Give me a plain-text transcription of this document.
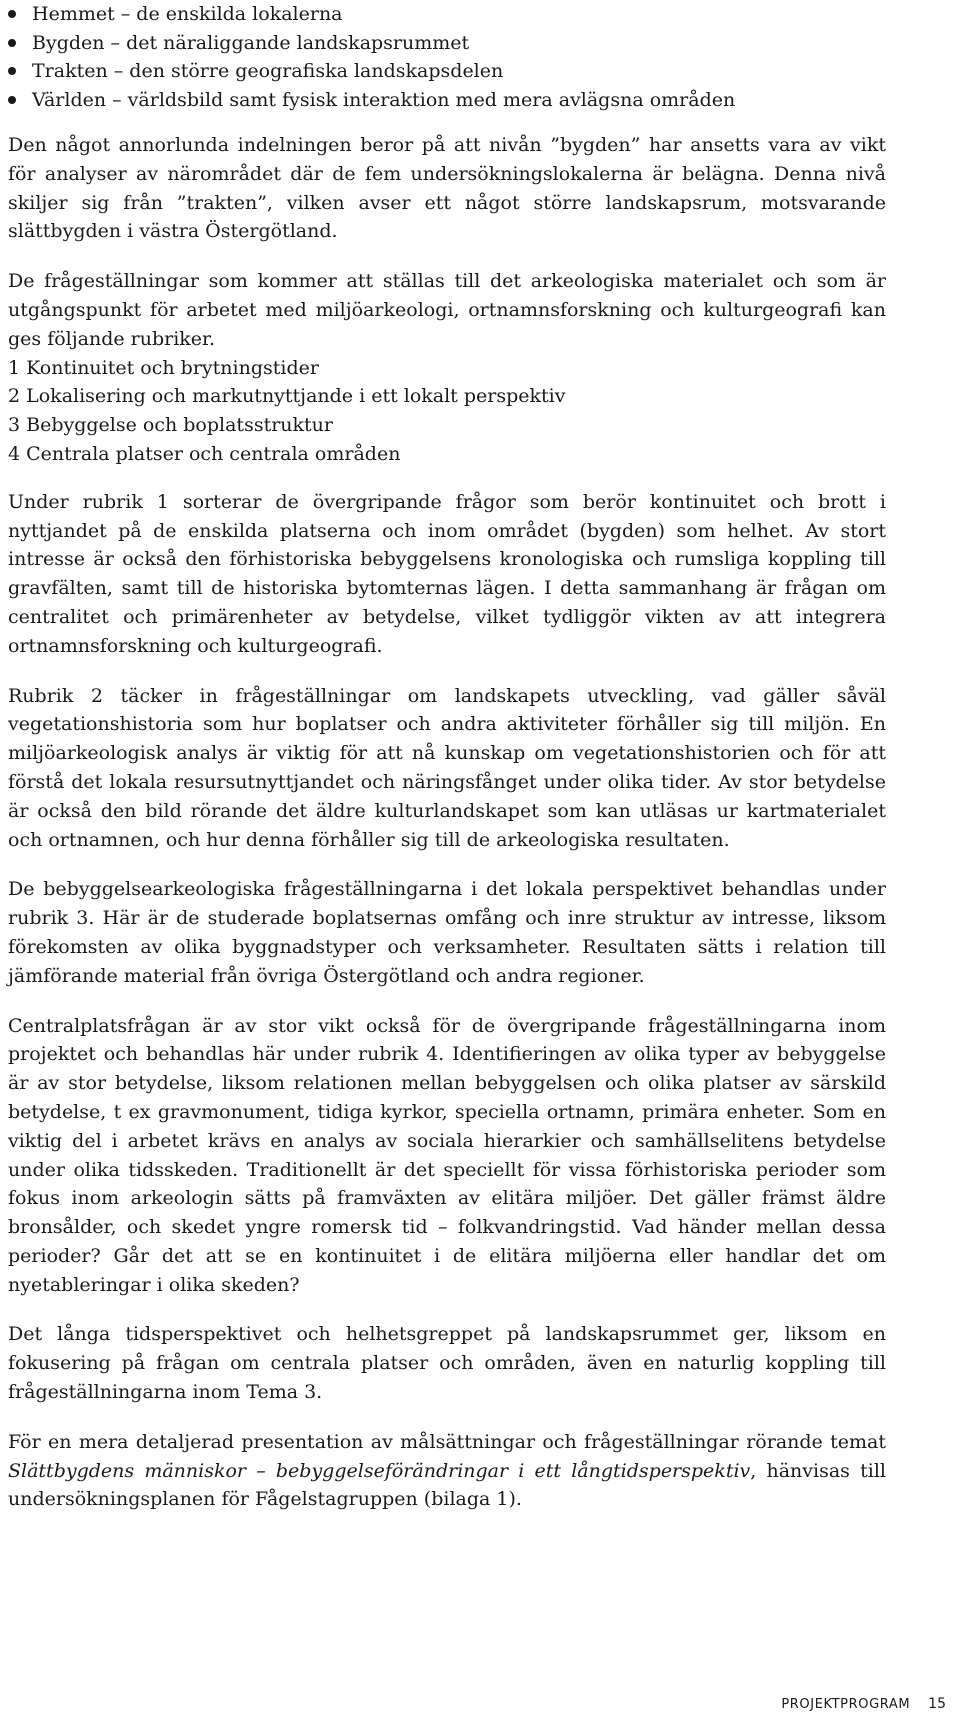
Hemmet – de enskilda lokalerna
Bygden – det näraliggande landskapsrummet
Trakten – den större geografiska landskapsdelen
Världen – världsbild samt fysisk interaktion med mera avlägsna områden

Den något annorlunda indelningen beror på att nivån ”bygden” har ansetts vara av vikt för analyser av närområdet där de fem undersökningslokalerna är belägna. Denna nivå skiljer sig från ”trakten”, vilken avser ett något större landskapsrum, motsvarande slättbygden i västra Östergötland.

De frågeställningar som kommer att ställas till det arkeologiska materialet och som är utgångspunkt för arbetet med miljöarkeologi, ortnamnsforskning och kulturgeografi kan ges följande rubriker.

1 Kontinuitet och brytningstider
2 Lokalisering och markutnyttjande i ett lokalt perspektiv
3 Bebyggelse och boplatsstruktur
4 Centrala platser och centrala områden

Under rubrik 1 sorterar de övergripande frågor som berör kontinuitet och brott i nyttjandet på de enskilda platserna och inom området (bygden) som helhet. Av stort intresse är också den förhistoriska bebyggelsens kronologiska och rumsliga koppling till gravfälten, samt till de historiska bytomternas lägen. I detta sammanhang är frågan om centralitet och primärenheter av betydelse, vilket tydliggör vikten av att integrera ortnamnsforskning och kulturgeografi.

Rubrik 2 täcker in frågeställningar om landskapets utveckling, vad gäller såväl vegetationshistoria som hur boplatser och andra aktiviteter förhåller sig till miljön. En miljöarkeologisk analys är viktig för att nå kunskap om vegetationshistorien och för att förstå det lokala resursutnyttjandet och näringsfånget under olika tider. Av stor betydelse är också den bild rörande det äldre kulturlandskapet som kan utläsas ur kartmaterialet och ortnamnen, och hur denna förhåller sig till de arkeologiska resultaten.

De bebyggelsearkeologiska frågeställningarna i det lokala perspektivet behandlas under rubrik 3. Här är de studerade boplatsernas omfång och inre struktur av intresse, liksom förekomsten av olika byggnadstyper och verksamheter. Resultaten sätts i relation till jämförande material från övriga Östergötland och andra regioner.

Centralplatsfrågan är av stor vikt också för de övergripande frågeställningarna inom projektet och behandlas här under rubrik 4. Identifieringen av olika typer av bebyggelse är av stor betydelse, liksom relationen mellan bebyggelsen och olika platser av särskild betydelse, t ex gravmonument, tidiga kyrkor, speciella ortnamn, primära enheter. Som en viktig del i arbetet krävs en analys av sociala hierarkier och samhällselitens betydelse under olika tidsskeden. Traditionellt är det speciellt för vissa förhistoriska perioder som fokus inom arkeologin sätts på framväxten av elitära miljöer. Det gäller främst äldre bronsålder, och skedet yngre romersk tid – folkvandringstid. Vad händer mellan dessa perioder? Går det att se en kontinuitet i de elitära miljöerna eller handlar det om nyetableringar i olika skeden?

Det långa tidsperspektivet och helhetsgreppet på landskapsrummet ger, liksom en fokusering på frågan om centrala platser och områden, även en naturlig koppling till frågeställningarna inom Tema 3.

För en mera detaljerad presentation av målsättningar och frågeställningar rörande temat Slättbygdens människor – bebyggelseförändringar i ett långtidsperspektiv, hänvisas till undersökningsplanen för Fågelstagruppen (bilaga 1).

PROJEKTPROGRAM 15
